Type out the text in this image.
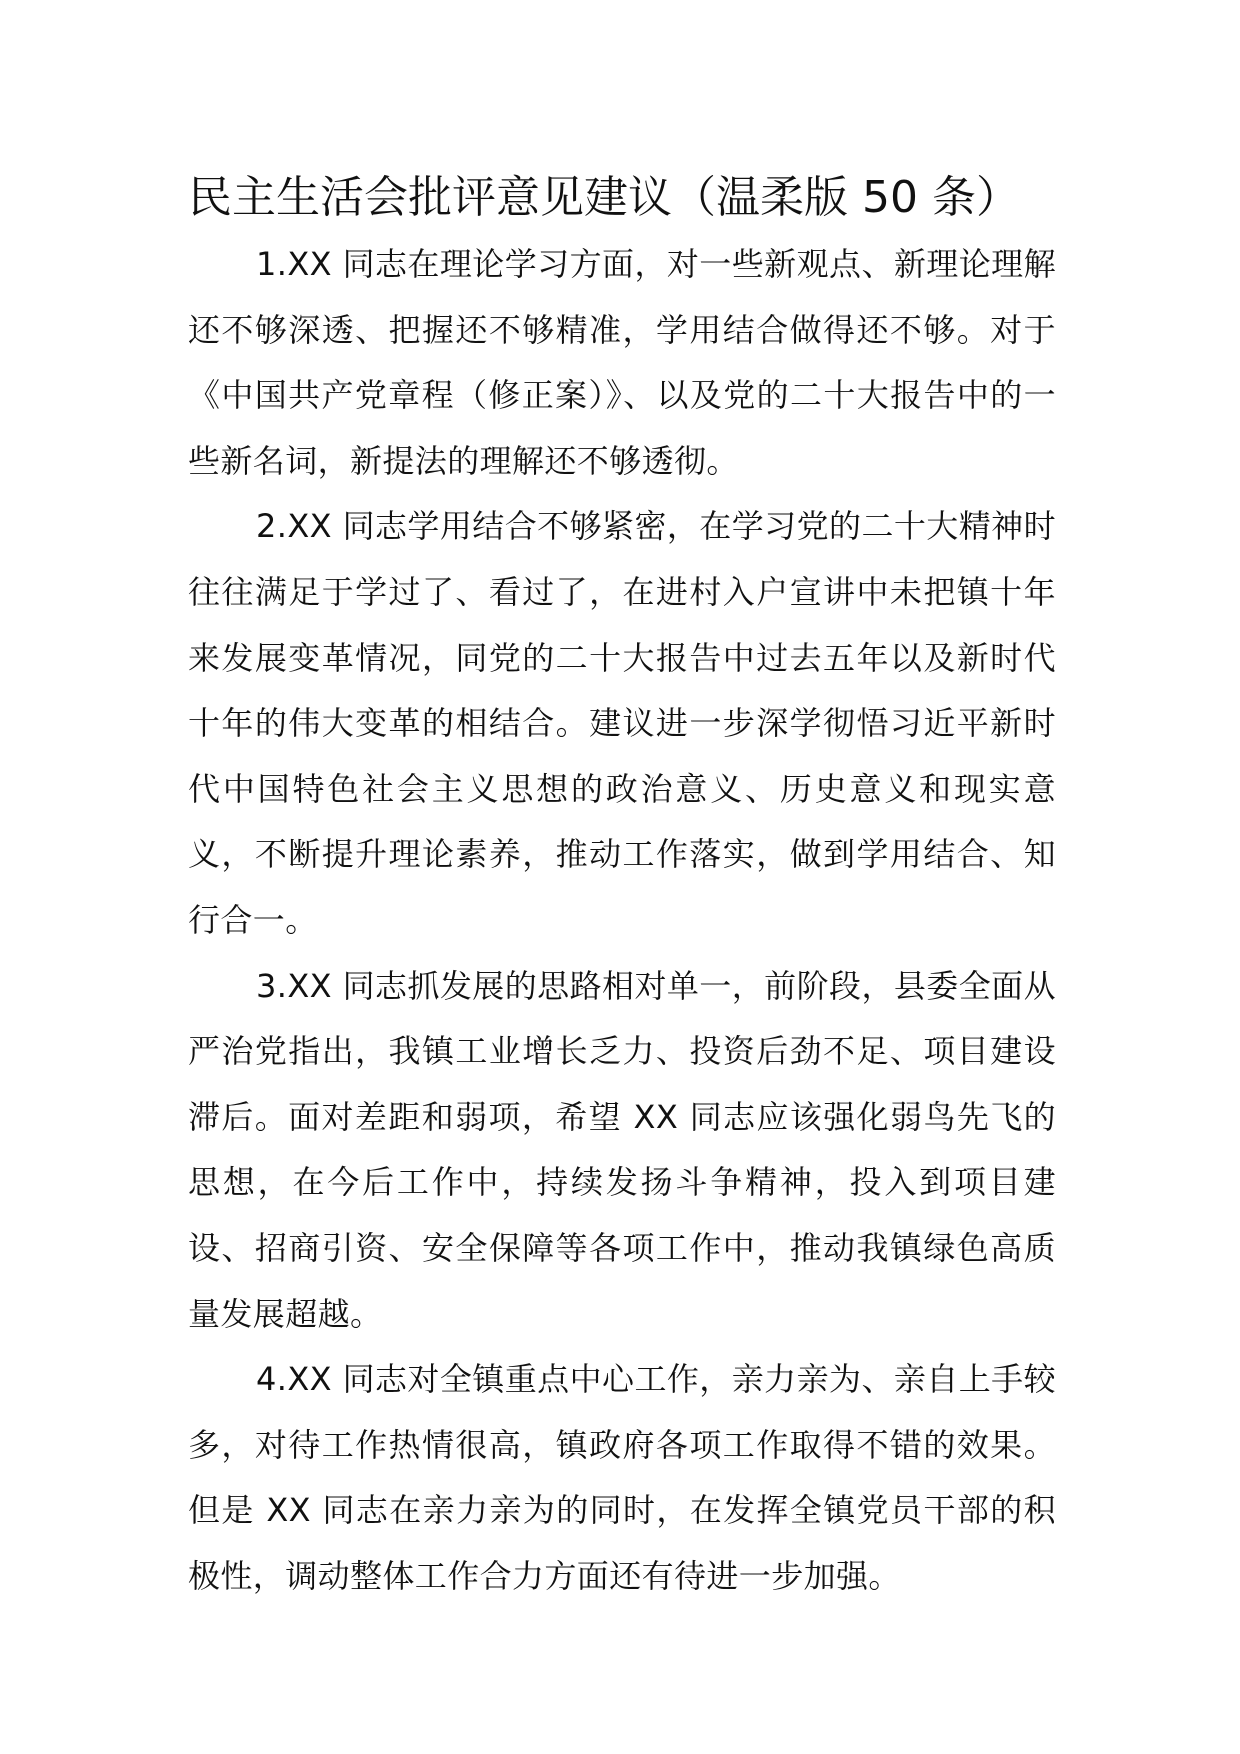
民主生活会批评意见建议（温柔版 50 条）

1.XX 同志在理论学习方面，对一些新观点、新理论理解还不够深透、把握还不够精准，学用结合做得还不够。对于《中国共产党章程（修正案）》、以及党的二十大报告中的一些新名词，新提法的理解还不够透彻。

2.XX 同志学用结合不够紧密，在学习党的二十大精神时往往满足于学过了、看过了，在进村入户宣讲中未把镇十年来发展变革情况，同党的二十大报告中过去五年以及新时代十年的伟大变革的相结合。建议进一步深学彻悟习近平新时代中国特色社会主义思想的政治意义、历史意义和现实意义，不断提升理论素养，推动工作落实，做到学用结合、知行合一。

3.XX 同志抓发展的思路相对单一，前阶段，县委全面从严治党指出，我镇工业增长乏力、投资后劲不足、项目建设滞后。面对差距和弱项，希望 XX 同志应该强化弱鸟先飞的思想，在今后工作中，持续发扬斗争精神，投入到项目建设、招商引资、安全保障等各项工作中，推动我镇绿色高质量发展超越。

4.XX 同志对全镇重点中心工作，亲力亲为、亲自上手较多，对待工作热情很高，镇政府各项工作取得不错的效果。但是 XX 同志在亲力亲为的同时，在发挥全镇党员干部的积极性，调动整体工作合力方面还有待进一步加强。
